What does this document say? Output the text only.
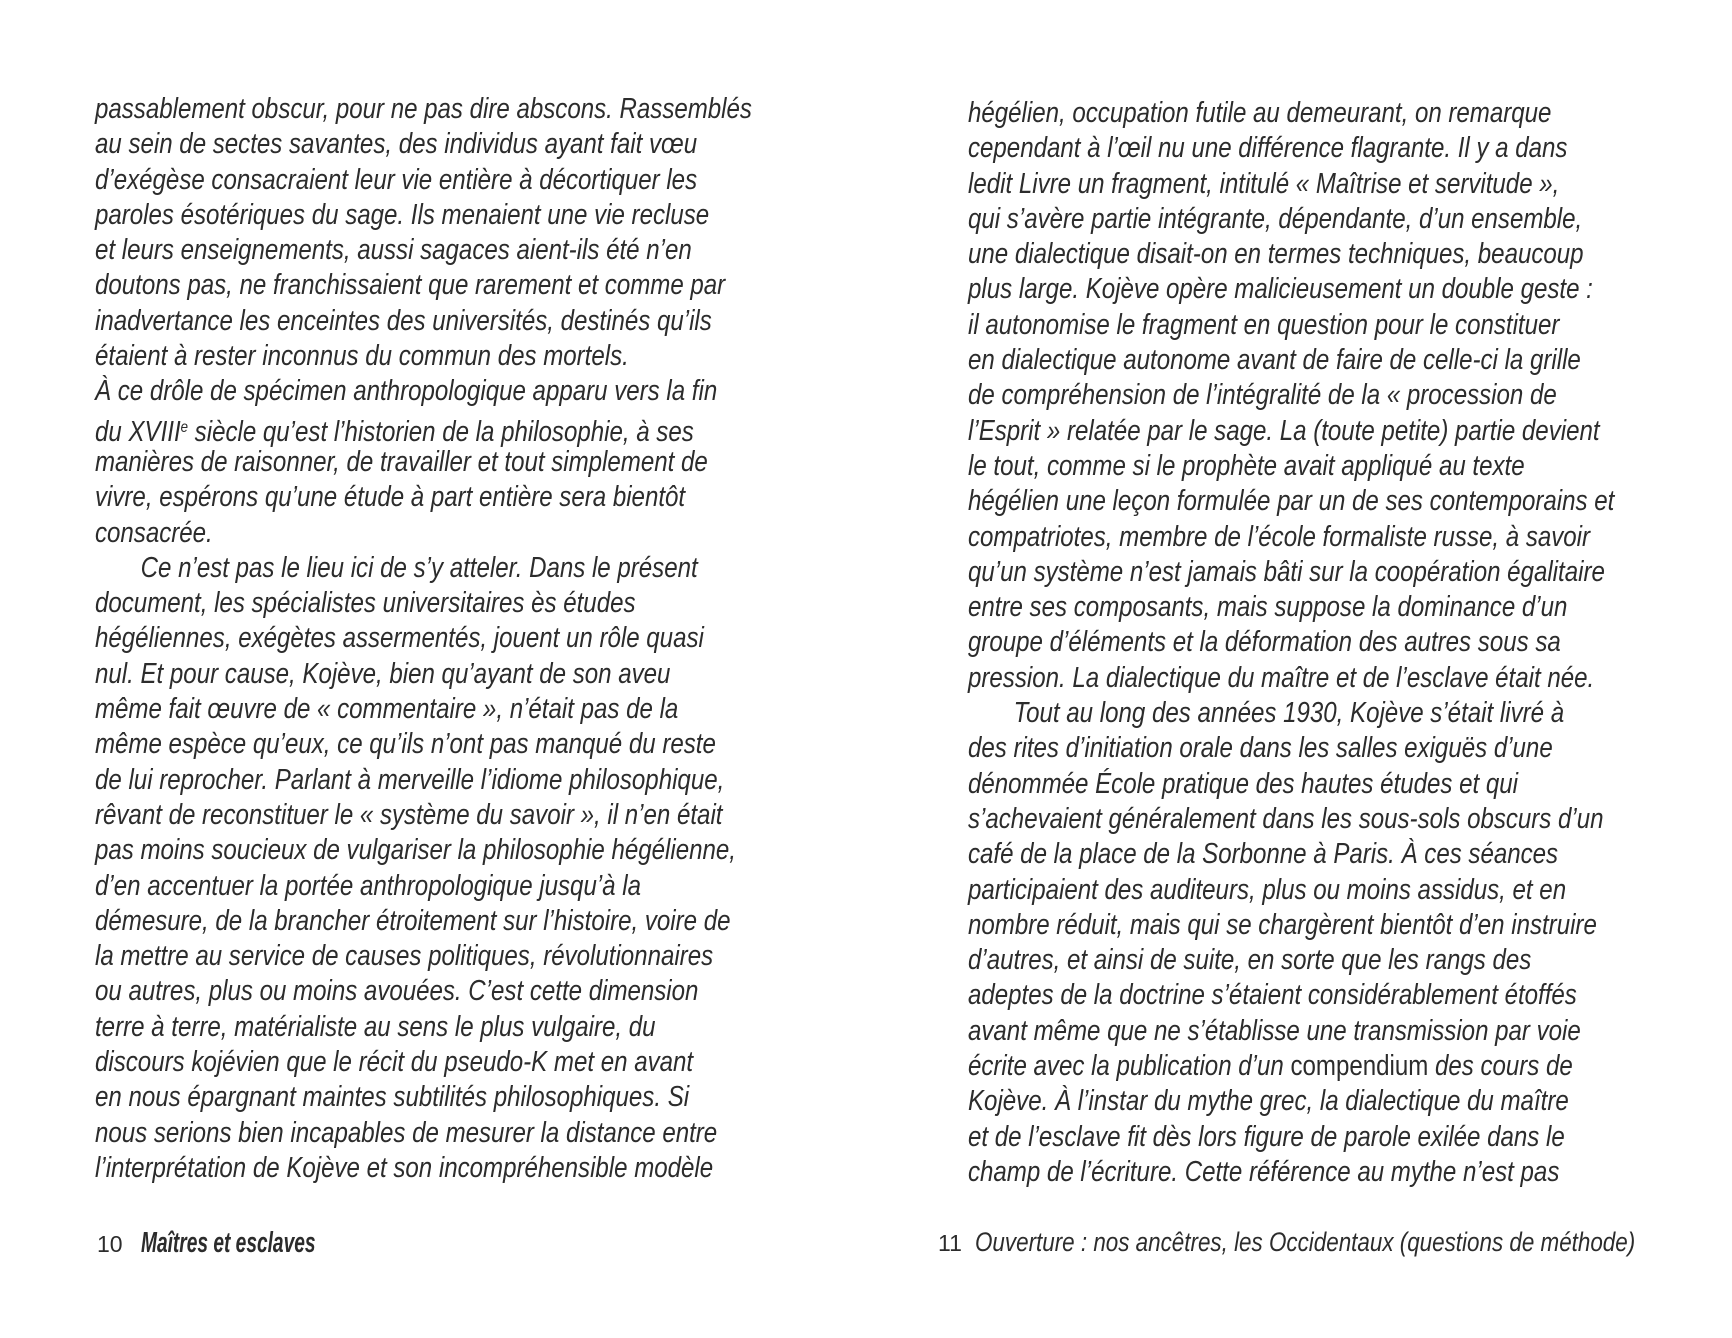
passablement obscur, pour ne pas dire abscons. Rassemblés
au sein de sectes savantes, des individus ayant fait vœu
d’exégèse consacraient leur vie entière à décortiquer les
paroles ésotériques du sage. Ils menaient une vie recluse
et leurs enseignements, aussi sagaces aient-ils été n’en
doutons pas, ne franchissaient que rarement et comme par
inadvertance les enceintes des universités, destinés qu’ils
étaient à rester inconnus du commun des mortels.
À ce drôle de spécimen anthropologique apparu vers la fin
du XVIIIe siècle qu’est l’historien de la philosophie, à ses
manières de raisonner, de travailler et tout simplement de
vivre, espérons qu’une étude à part entière sera bientôt
consacrée.
Ce n’est pas le lieu ici de s’y atteler. Dans le présent
document, les spécialistes universitaires ès études
hégéliennes, exégètes assermentés, jouent un rôle quasi
nul. Et pour cause, Kojève, bien qu’ayant de son aveu
même fait œuvre de « commentaire », n’était pas de la
même espèce qu’eux, ce qu’ils n’ont pas manqué du reste
de lui reprocher. Parlant à merveille l’idiome philosophique,
rêvant de reconstituer le « système du savoir », il n’en était
pas moins soucieux de vulgariser la philosophie hégélienne,
d’en accentuer la portée anthropologique jusqu’à la
démesure, de la brancher étroitement sur l’histoire, voire de
la mettre au service de causes politiques, révolutionnaires
ou autres, plus ou moins avouées. C’est cette dimension
terre à terre, matérialiste au sens le plus vulgaire, du
discours kojévien que le récit du pseudo-K met en avant
en nous épargnant maintes subtilités philosophiques. Si
nous serions bien incapables de mesurer la distance entre
l’interprétation de Kojève et son incompréhensible modèle
hégélien, occupation futile au demeurant, on remarque
cependant à l’œil nu une différence flagrante. Il y a dans
ledit Livre un fragment, intitulé « Maîtrise et servitude »,
qui s’avère partie intégrante, dépendante, d’un ensemble,
une dialectique disait-on en termes techniques, beaucoup
plus large. Kojève opère malicieusement un double geste :
il autonomise le fragment en question pour le constituer
en dialectique autonome avant de faire de celle-ci la grille
de compréhension de l’intégralité de la « procession de
l’Esprit » relatée par le sage. La (toute petite) partie devient
le tout, comme si le prophète avait appliqué au texte
hégélien une leçon formulée par un de ses contemporains et
compatriotes, membre de l’école formaliste russe, à savoir
qu’un système n’est jamais bâti sur la coopération égalitaire
entre ses composants, mais suppose la dominance d’un
groupe d’éléments et la déformation des autres sous sa
pression. La dialectique du maître et de l’esclave était née.
Tout au long des années 1930, Kojève s’était livré à
des rites d’initiation orale dans les salles exiguës d’une
dénommée École pratique des hautes études et qui
s’achevaient généralement dans les sous-sols obscurs d’un
café de la place de la Sorbonne à Paris. À ces séances
participaient des auditeurs, plus ou moins assidus, et en
nombre réduit, mais qui se chargèrent bientôt d’en instruire
d’autres, et ainsi de suite, en sorte que les rangs des
adeptes de la doctrine s’étaient considérablement étoffés
avant même que ne s’établisse une transmission par voie
écrite avec la publication d’un compendium des cours de
Kojève. À l’instar du mythe grec, la dialectique du maître
et de l’esclave fit dès lors figure de parole exilée dans le
champ de l’écriture. Cette référence au mythe n’est pas
10 Maîtres et esclaves	11 Ouverture : nos ancêtres, les Occidentaux (questions de méthode)
